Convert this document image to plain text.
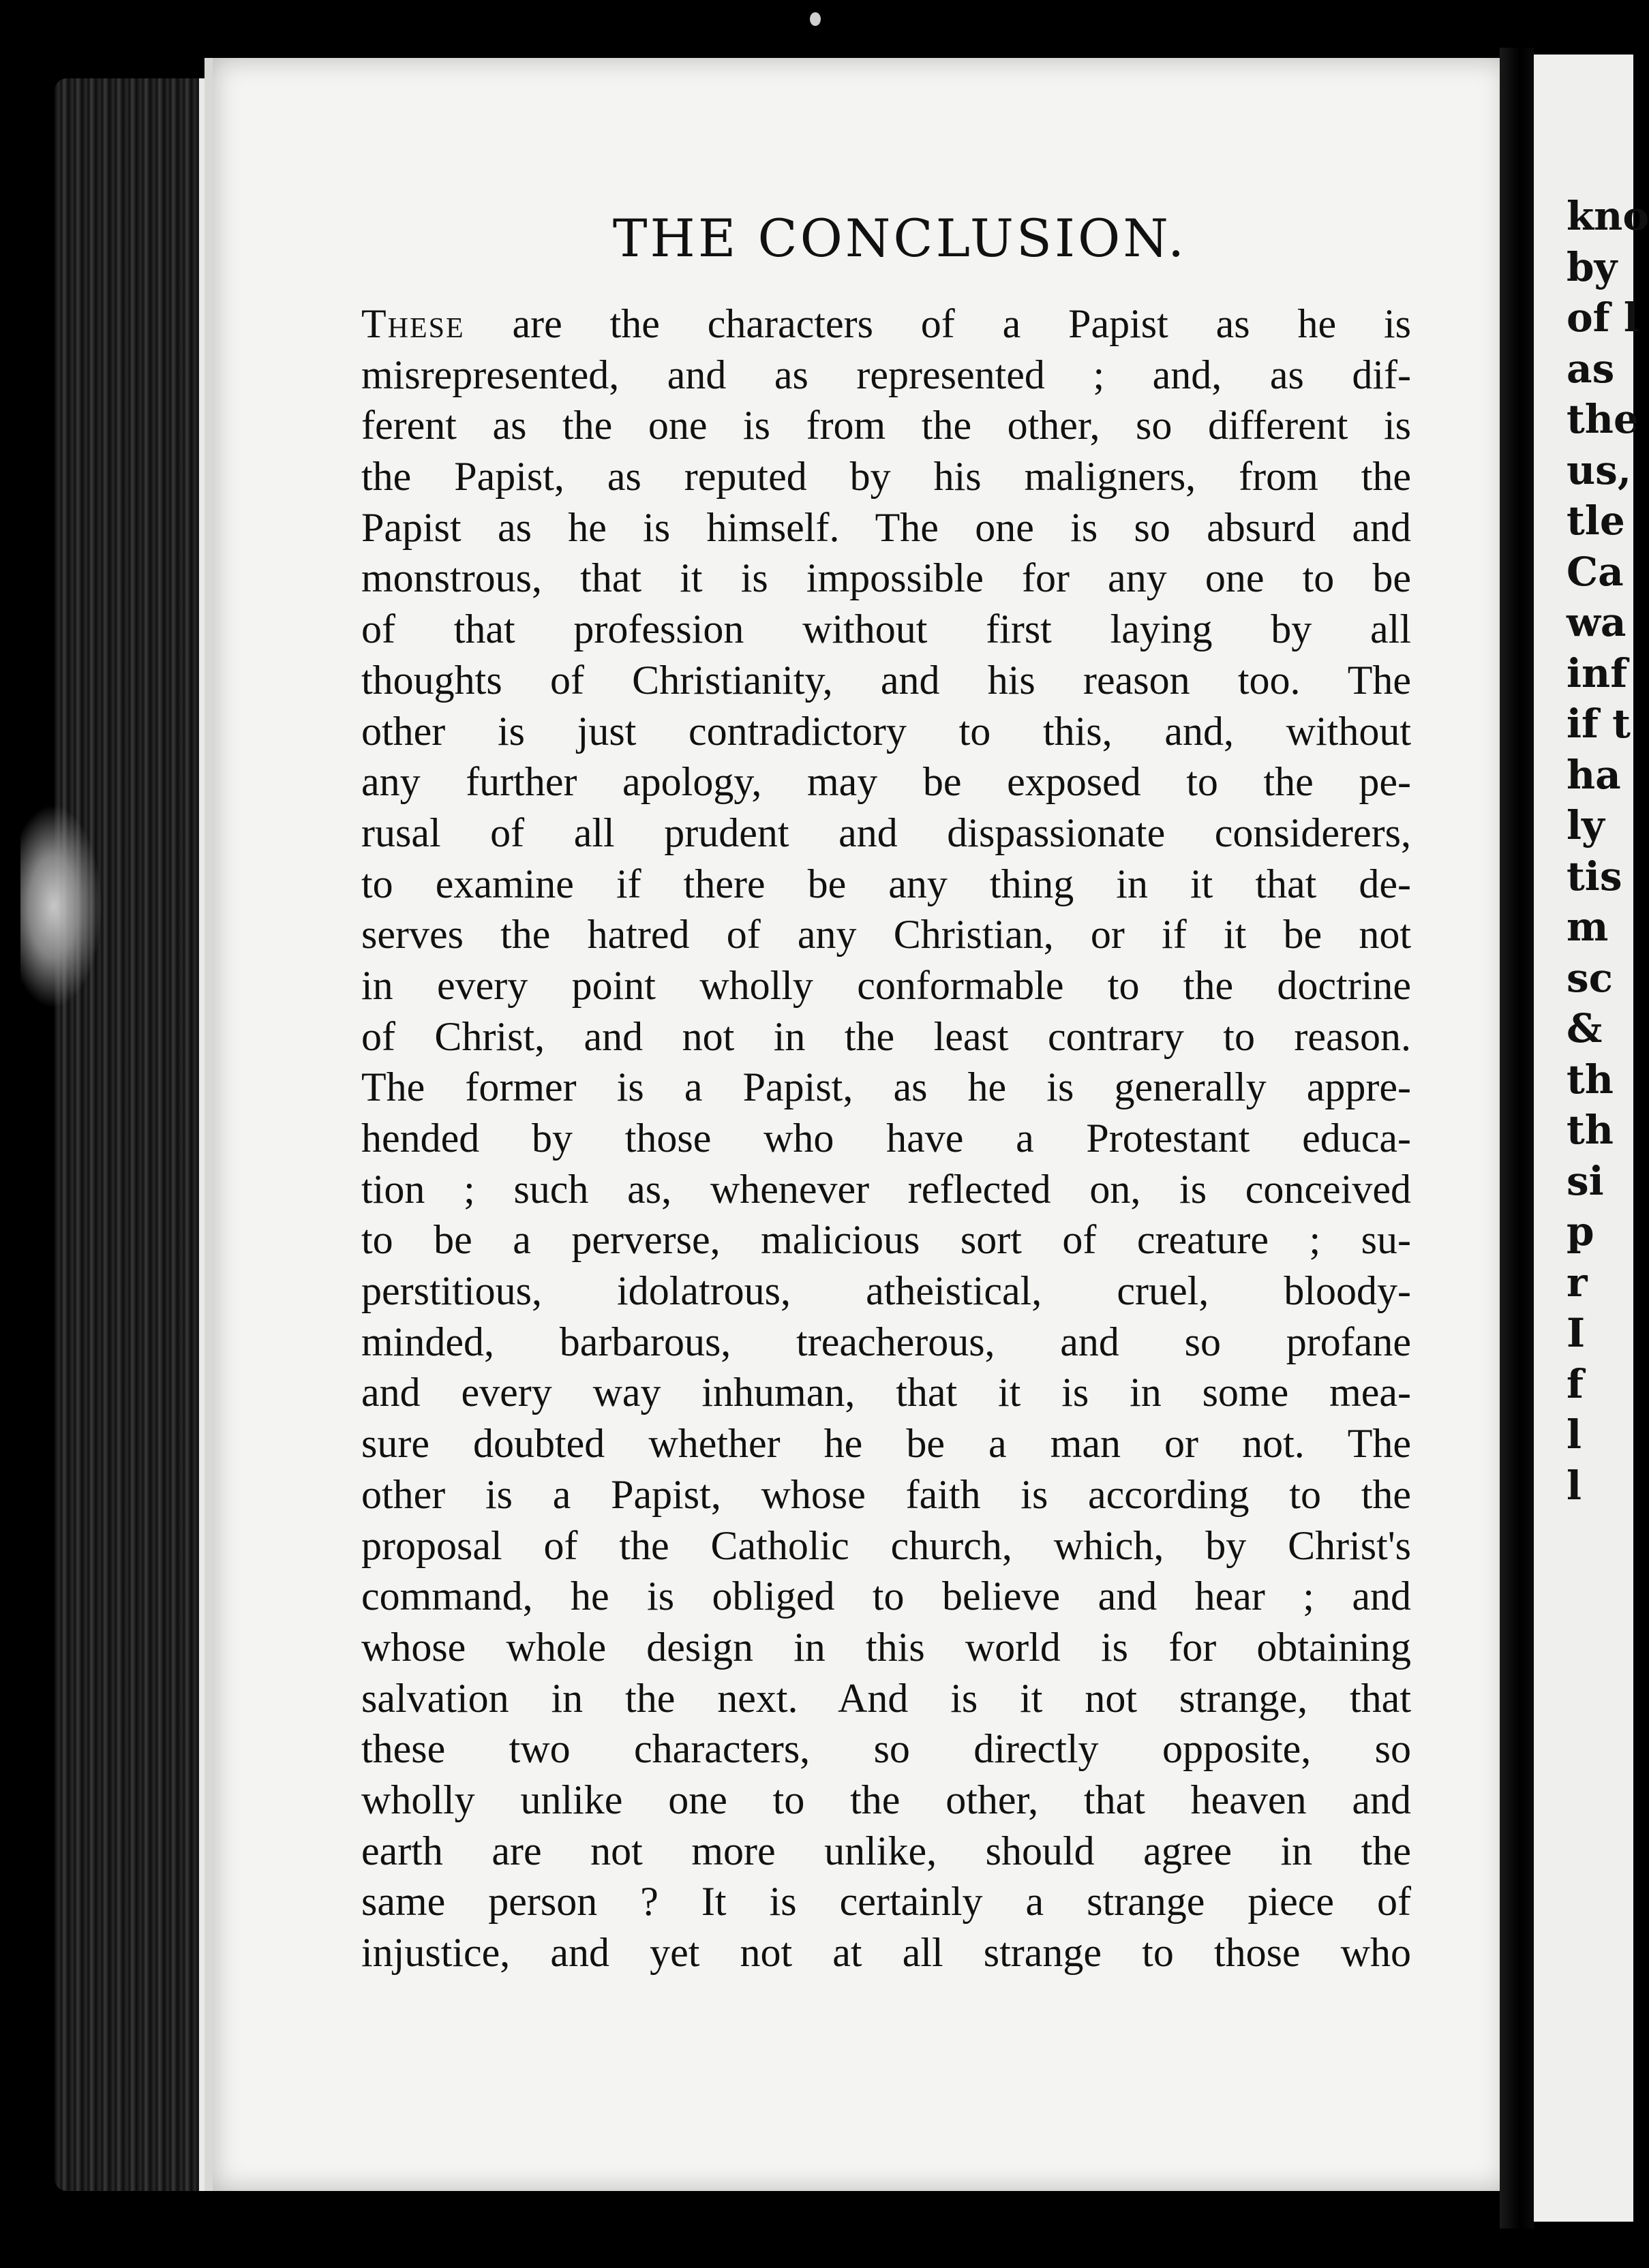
THE CONCLUSION.
These are the characters of a Papist as he is
misrepresented, and as represented ; and, as dif-
ferent as the one is from the other, so different is
the Papist, as reputed by his maligners, from the
Papist as he is himself. The one is so absurd and
monstrous, that it is impossible for any one to be
of that profession without first laying by all
thoughts of Christianity, and his reason too. The
other is just contradictory to this, and, without
any further apology, may be exposed to the pe-
rusal of all prudent and dispassionate considerers,
to examine if there be any thing in it that de-
serves the hatred of any Christian, or if it be not
in every point wholly conformable to the doctrine
of Christ, and not in the least contrary to reason.
The former is a Papist, as he is generally appre-
hended by those who have a Protestant educa-
tion ; such as, whenever reflected on, is conceived
to be a perverse, malicious sort of creature ; su-
perstitious, idolatrous, atheistical, cruel, bloody-
minded, barbarous, treacherous, and so profane
and every way inhuman, that it is in some mea-
sure doubted whether he be a man or not. The
other is a Papist, whose faith is according to the
proposal of the Catholic church, which, by Christ's
command, he is obliged to believe and hear ; and
whose whole design in this world is for obtaining
salvation in the next. And is it not strange, that
these two characters, so directly opposite, so
wholly unlike one to the other, that heaven and
earth are not more unlike, should agree in the
same person ? It is certainly a strange piece of
injustice, and yet not at all strange to those who
kno
by
of l
as
the
us,
tle
Ca
wa
inf
if t
ha
ly
tis
m
sc
&
th
th
si
p
r
I
f
l
l
